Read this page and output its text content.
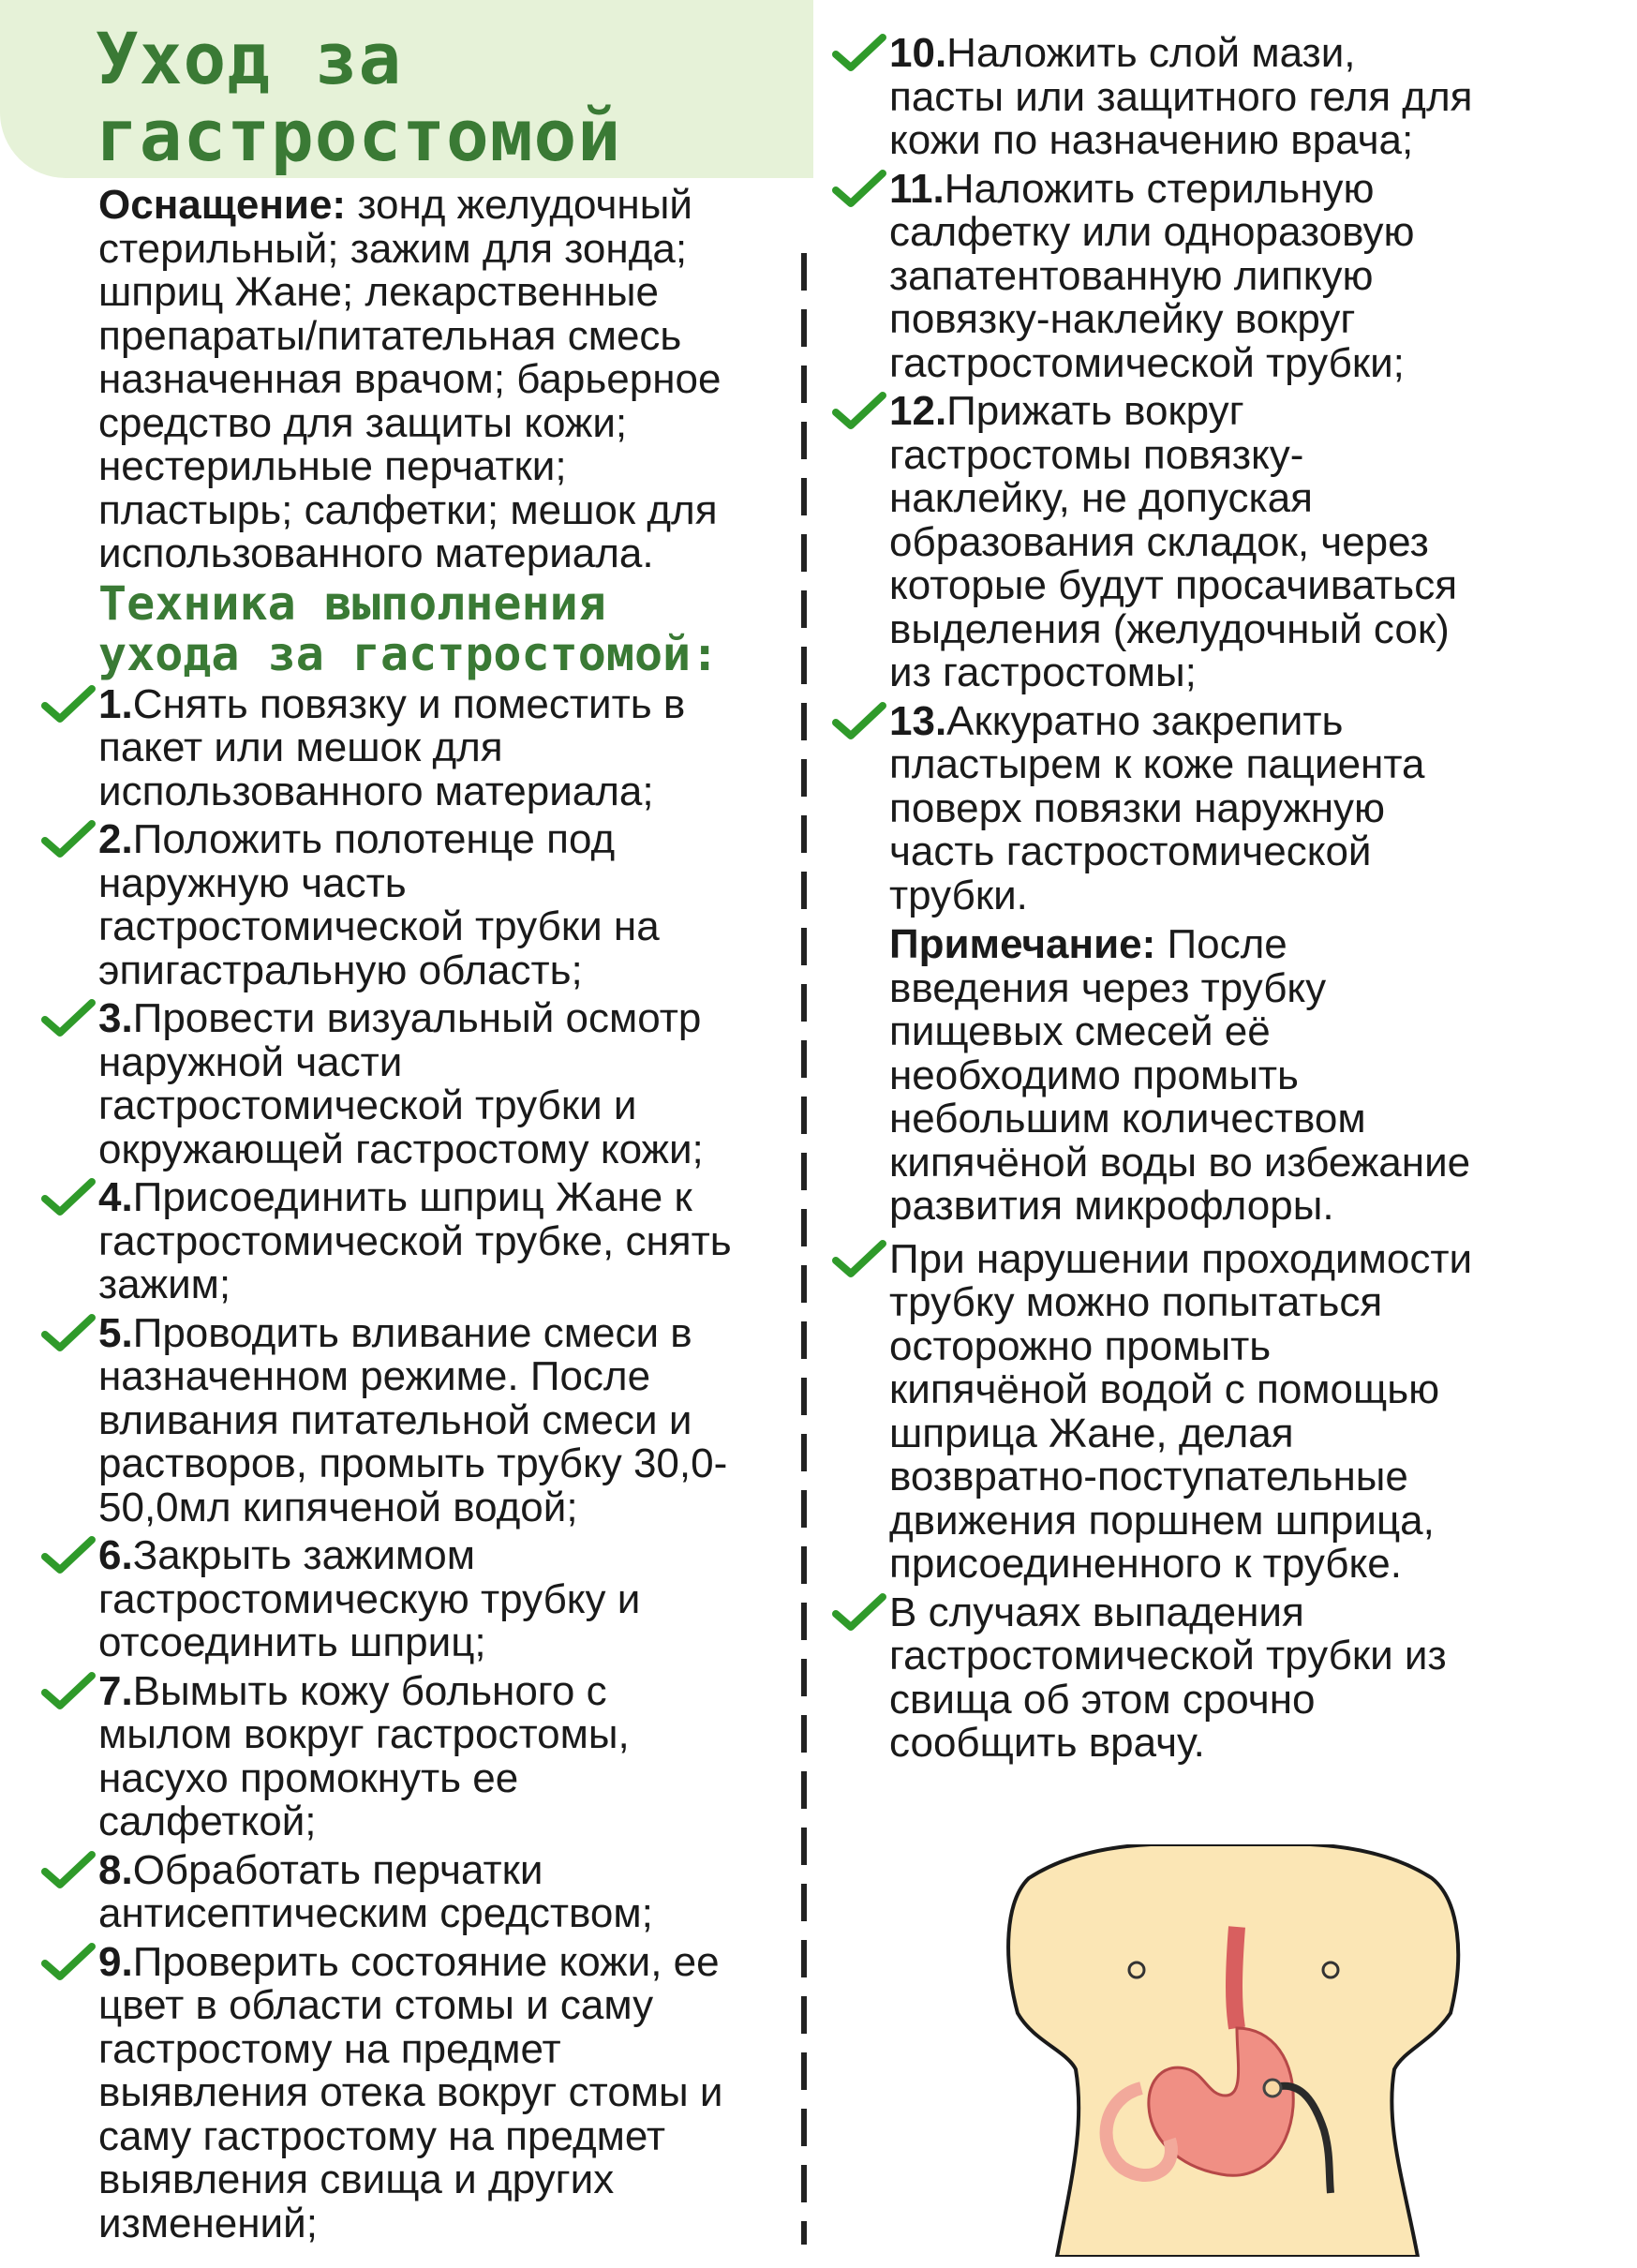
Уход за
гастростомой

Оснащение: зонд желудочный
стерильный; зажим для зонда;
шприц Жане; лекарственные
препараты/питательная смесь
назначенная врачом; барьерное
средство для защиты кожи;
нестерильные перчатки;
пластырь; салфетки; мешок для
использованного материала.

Техника выполнения
ухода за гастростомой:

1.Снять повязку и поместить в
пакет или мешок для
использованного материала;

2.Положить полотенце под
наружную часть
гастростомической трубки на
эпигастральную область;

3.Провести визуальный осмотр
наружной части
гастростомической трубки и
окружающей гастростому кожи;

4.Присоединить шприц Жане к
гастростомической трубке, снять
зажим;

5.Проводить вливание смеси в
назначенном режиме. После
вливания питательной смеси и
растворов, промыть трубку 30,0-
50,0мл кипяченой водой;

6.Закрыть зажимом
гастростомическую трубку и
отсоединить шприц;

7.Вымыть кожу больного с
мылом вокруг гастростомы,
насухо промокнуть ее
салфеткой;

8.Обработать перчатки
антисептическим средством;

9.Проверить состояние кожи, ее
цвет в области стомы и саму
гастростому на предмет
выявления отека вокруг стомы и
саму гастростому на предмет
выявления свища и других
изменений;

10.Наложить слой мази,
пасты или защитного геля для
кожи по назначению врача;

11.Наложить стерильную
салфетку или одноразовую
запатентованную липкую
повязку-наклейку вокруг
гастростомической трубки;

12.Прижать вокруг
гастростомы повязку-
наклейку, не допуская
образования складок, через
которые будут просачиваться
выделения (желудочный сок)
из гастростомы;

13.Аккуратно закрепить
пластырем к коже пациента
поверх повязки наружную
часть гастростомической
трубки.

Примечание: После
введения через трубку
пищевых смесей её
необходимо промыть
небольшим количеством
кипячёной воды во избежание
развития микрофлоры.

При нарушении проходимости
трубку можно попытаться
осторожно промыть
кипячёной водой с помощью
шприца Жане, делая
возвратно-поступательные
движения поршнем шприца,
присоединенного к трубке.

В случаях выпадения
гастростомической трубки из
свища об этом срочно
сообщить врачу.
